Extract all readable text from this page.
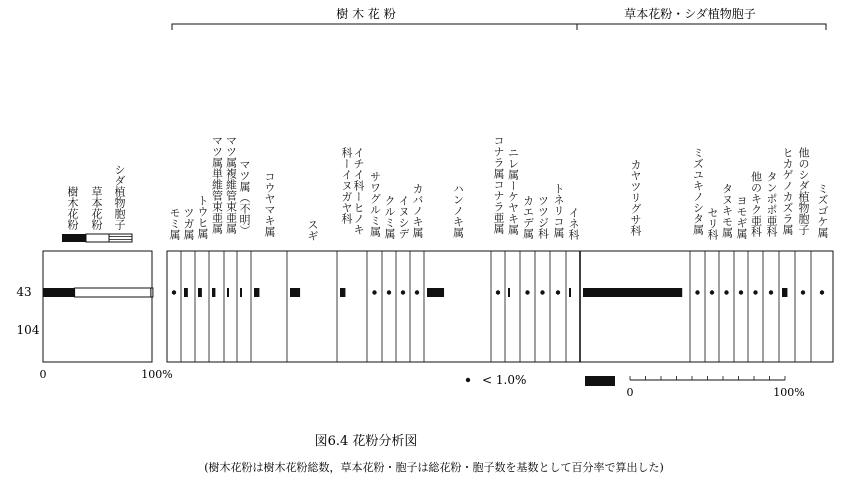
樹 木 花 粉	草本花粉・シダ植物胞子
0	100%
43
104
< 1.0%
0	100%
図6.4 花粉分析図
(樹木花粉は樹木花粉総数，草本花粉・胞子は総花粉・胞子数を基数として百分率で算出した)
樹木花粉 草本花粉 シダ植物胞子	モミ属 ツガ属 トウヒ属 マツ属単維管束亜属 マツ属複維管束亜属 マツ属（不明） コウヤマキ属	スギ	イチイ科ーヒノキ科ーイヌガヤ科	サワグルミ属 クルミ属 イヌシデ カバノキ属	ハンノキ属	コナラ属コナラ亜属 ニレ属ーケヤキ属 カエデ属 ツツジ科 トネリコ属 イネ科	カヤツリグサ科	ミズユキノシタ属 セリ科 タヌキモ属 ヨモギ属 他のキク亜科 タンポポ亜科 ヒカゲノカズラ属 他のシダ植物胞子 ミズゴケ属
